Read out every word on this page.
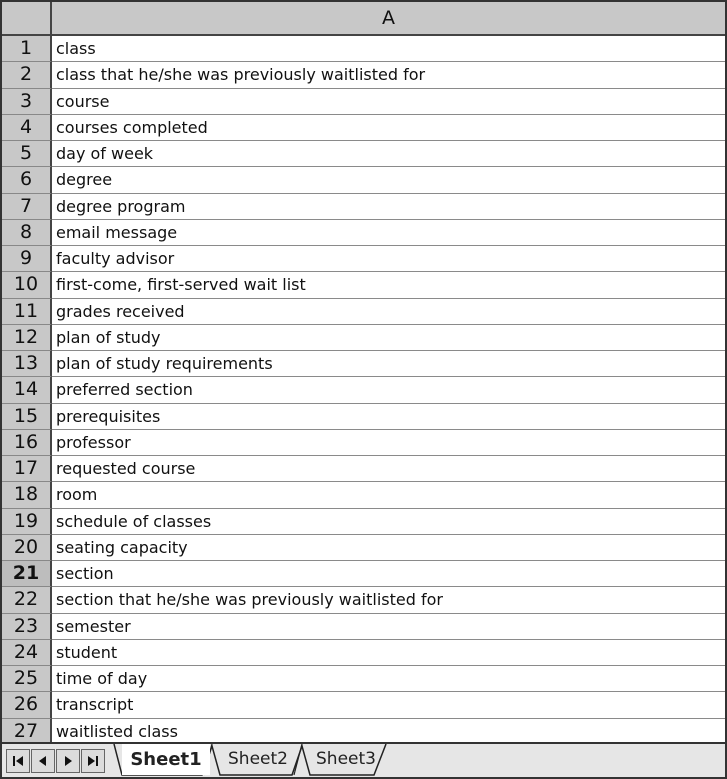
A
1	class
2	class that he/she was previously waitlisted for
3	course
4	courses completed
5	day of week
6	degree
7	degree program
8	email message
9	faculty advisor
10	first-come, first-served wait list
11	grades received
12	plan of study
13	plan of study requirements
14	preferred section
15	prerequisites
16	professor
17	requested course
18	room
19	schedule of classes
20	seating capacity
21	section
22	section that he/she was previously waitlisted for
23	semester
24	student
25	time of day
26	transcript
27	waitlisted class
Sheet1	Sheet2	Sheet3
